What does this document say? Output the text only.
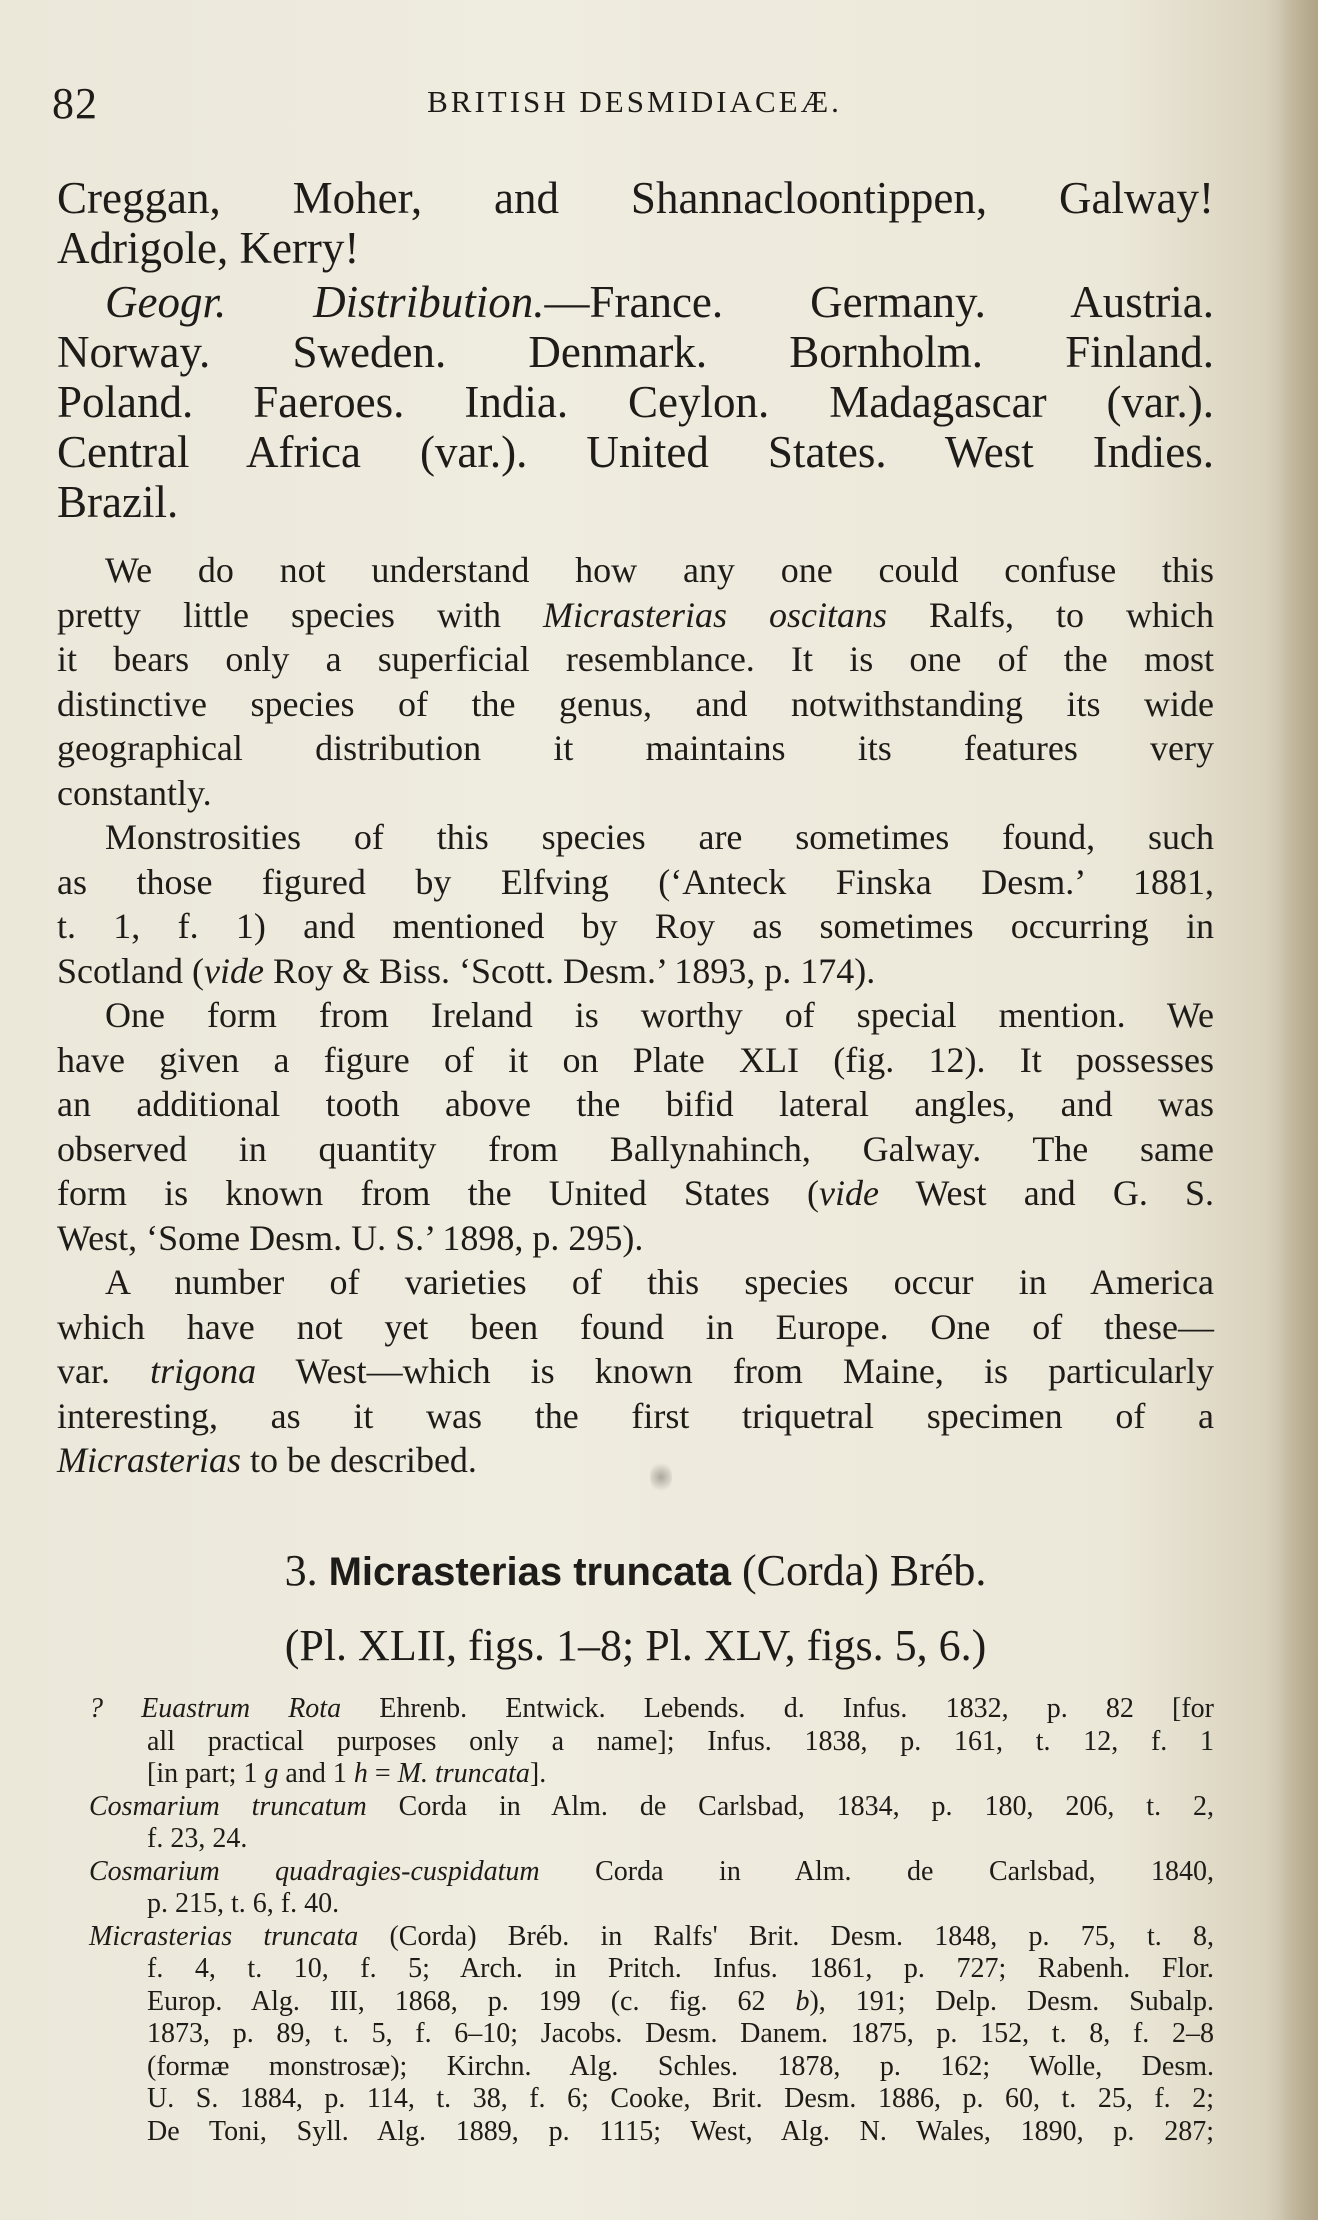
82	BRITISH DESMIDIACEÆ.
Creggan, Moher, and Shannacloontippen, Galway!
Adrigole, Kerry!
Geogr. Distribution.—France. Germany. Austria.
Norway. Sweden. Denmark. Bornholm. Finland.
Poland. Faeroes. India. Ceylon. Madagascar (var.).
Central Africa (var.). United States. West Indies.
Brazil.
We do not understand how any one could confuse this
pretty little species with Micrasterias oscitans Ralfs, to which
it bears only a superficial resemblance. It is one of the most
distinctive species of the genus, and notwithstanding its wide
geographical distribution it maintains its features very
constantly.
Monstrosities of this species are sometimes found, such
as those figured by Elfving (‘Anteck Finska Desm.’ 1881,
t. 1, f. 1) and mentioned by Roy as sometimes occurring in
Scotland (vide Roy & Biss. ‘Scott. Desm.’ 1893, p. 174).
One form from Ireland is worthy of special mention. We
have given a figure of it on Plate XLI (fig. 12). It possesses
an additional tooth above the bifid lateral angles, and was
observed in quantity from Ballynahinch, Galway. The same
form is known from the United States (vide West and G. S.
West, ‘Some Desm. U. S.’ 1898, p. 295).
A number of varieties of this species occur in America
which have not yet been found in Europe. One of these—
var. trigona West—which is known from Maine, is particularly
interesting, as it was the first triquetral specimen of a
Micrasterias to be described.
3. Micrasterias truncata (Corda) Bréb.
(Pl. XLII, figs. 1–8; Pl. XLV, figs. 5, 6.)
? Euastrum Rota Ehrenb. Entwick. Lebends. d. Infus. 1832, p. 82 [for
all practical purposes only a name]; Infus. 1838, p. 161, t. 12, f. 1
[in part; 1 g and 1 h = M. truncata].
Cosmarium truncatum Corda in Alm. de Carlsbad, 1834, p. 180, 206, t. 2,
f. 23, 24.
Cosmarium quadragies-cuspidatum Corda in Alm. de Carlsbad, 1840,
p. 215, t. 6, f. 40.
Micrasterias truncata (Corda) Bréb. in Ralfs' Brit. Desm. 1848, p. 75, t. 8,
f. 4, t. 10, f. 5; Arch. in Pritch. Infus. 1861, p. 727; Rabenh. Flor.
Europ. Alg. III, 1868, p. 199 (c. fig. 62 b), 191; Delp. Desm. Subalp.
1873, p. 89, t. 5, f. 6–10; Jacobs. Desm. Danem. 1875, p. 152, t. 8, f. 2–8
(formæ monstrosæ); Kirchn. Alg. Schles. 1878, p. 162; Wolle, Desm.
U. S. 1884, p. 114, t. 38, f. 6; Cooke, Brit. Desm. 1886, p. 60, t. 25, f. 2;
De Toni, Syll. Alg. 1889, p. 1115; West, Alg. N. Wales, 1890, p. 287;
